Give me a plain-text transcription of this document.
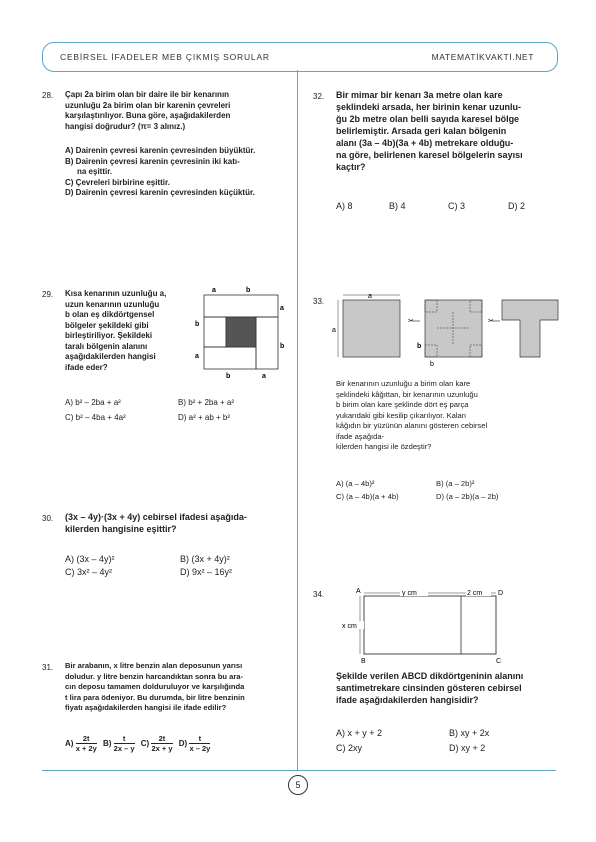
CEBİRSEL İFADELER MEB ÇIKMIŞ SORULAR	MATEMATİKVAKTİ.NET
5
28. Çapı 2a birim olan bir daire ile bir kenarının
uzunluğu 2a birim olan bir karenin çevreleri
karşılaştırılıyor. Buna göre, aşağıdakilerden
hangisi doğrudur? (π= 3 alınız.)
A) Dairenin çevresi karenin çevresinden büyüktür.
B) Dairenin çevresi karenin çevresinin iki katı-
na eşittir.
C) Çevreleri birbirine eşittir.
D) Dairenin çevresi karenin çevresinden küçüktür.
29. Kısa kenarının uzunluğu a,
uzun kenarının uzunluğu
b olan eş dikdörtgensel
bölgeler şekildeki gibi
birleştiriliyor. Şekildeki
taralı bölgenin alanını
aşağıdakilerden hangisi
ifade eder?
a	b
a
b
b
a
b	a
A) b² – 2ba + a²	B) b² + 2ba + a²
C) b² – 4ba + 4a²	D) a² + ab + b²
30. (3x – 4y)·(3x + 4y) cebirsel ifadesi aşağıda-
kilerden hangisine eşittir?
A) (3x – 4y)²	B) (3x + 4y)²
C) 3x² – 4y²	D) 9x² – 16y²
31. Bir arabanın, x litre benzin alan deposunun yarısı
doludur. y litre benzin harcandıktan sonra bu ara-
cın deposu tamamen dolduruluyor ve karşılığında
t lira para ödeniyor. Bu durumda, bir litre benzinin
fiyatı aşağıdakilerden hangisi ile ifade edilir?
$A) \frac{2t}{x + 2y} B) \frac{t}{2x - y} C) \frac{2t}{2x + y} D) \frac{t}{x - 2y}$
32. Bir mimar bir kenarı 3a metre olan kare
şeklindeki arsada, her birinin kenar uzunlu-
ğu 2b metre olan belli sayıda karesel bölge
belirlemiştir. Arsada geri kalan bölgenin
alanı (3a – 4b)(3a + 4b) metrekare olduğu-
na göre, belirlenen karesel bölgelerin sayısı
kaçtır?
A) 8	B) 4	C) 3	D) 2
33.
a
a
✂
b
b
✂
Bir kenarının uzunluğu a birim olan kare
şeklindeki kâğıttan, bir kenarının uzunluğu
b birim olan kare şeklinde dört eş parça
yukarıdaki gibi kesilip çıkarılıyor. Kalan
kâğıdın bir yüzünün alanını gösteren cebirsel
ifade aşağıda-
kilerden hangisi ile özdeştir?
A) (a – 4b)²	B) (a – 2b)²
C) (a – 4b)(a + 4b)	D) (a – 2b)(a – 2b)
34.	A	D
B	C
y cm	2 cm
x cm
Şekilde verilen ABCD dikdörtgeninin alanını
santimetrekare cinsinden gösteren cebirsel
ifade aşağıdakilerden hangisidir?
A) x + y + 2	B) xy + 2x
C) 2xy	D) xy + 2
